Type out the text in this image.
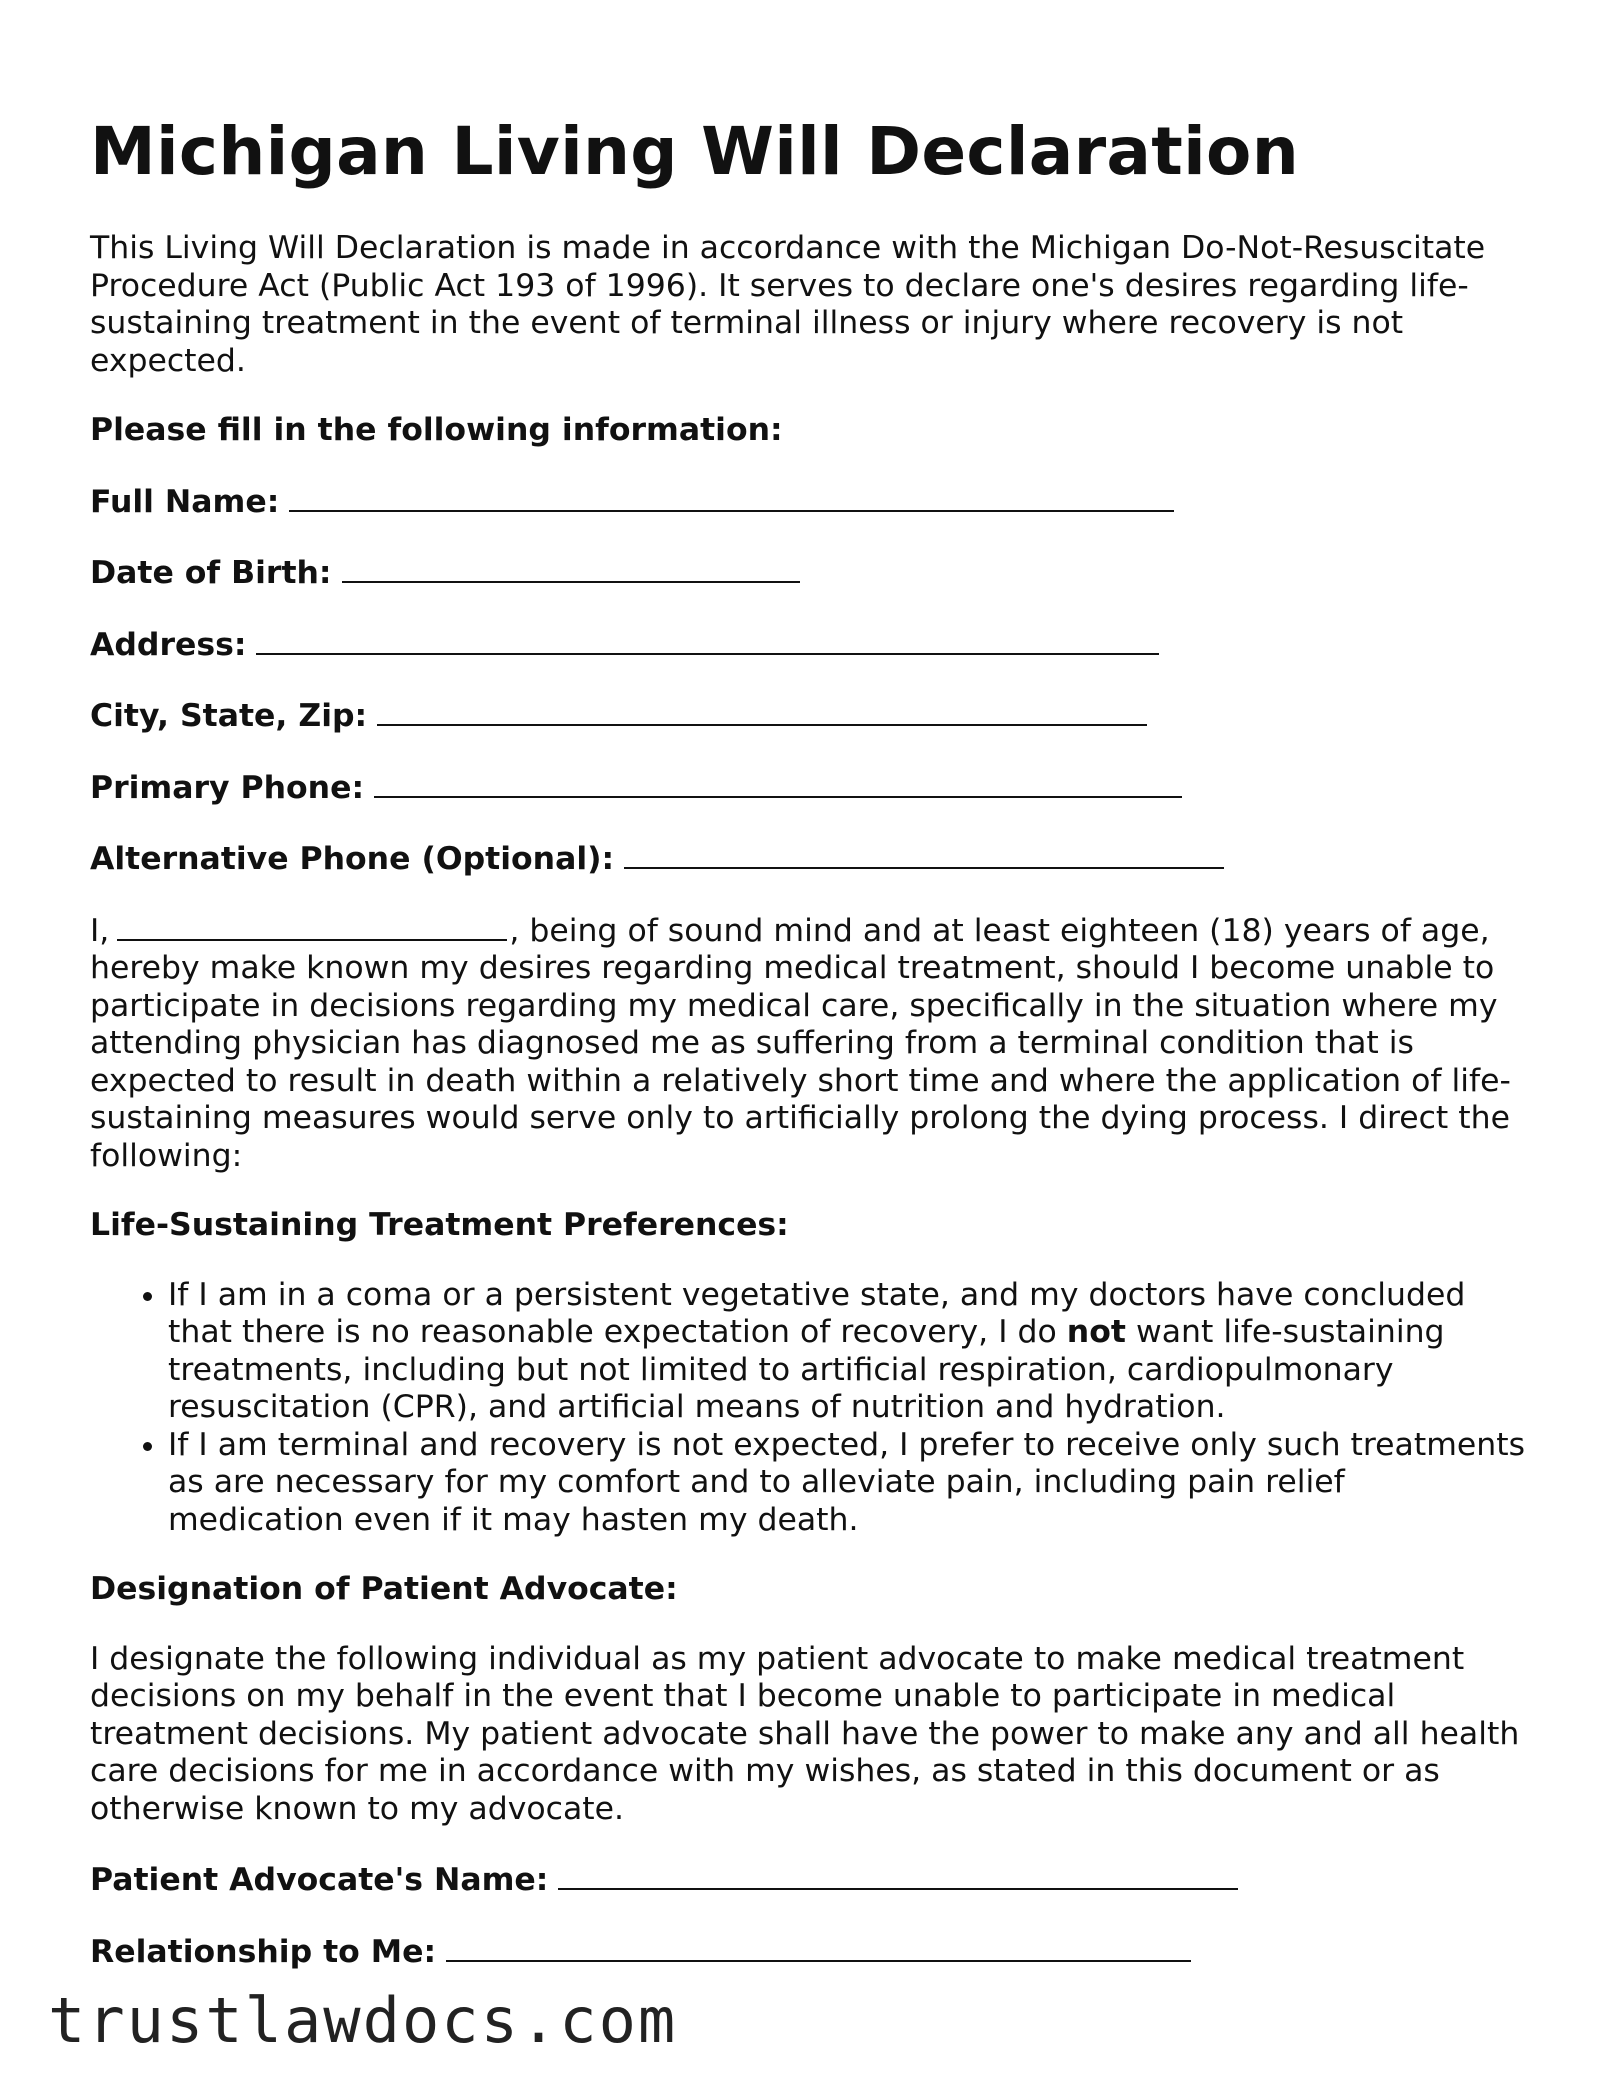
Michigan Living Will Declaration

This Living Will Declaration is made in accordance with the Michigan Do-Not-Resuscitate Procedure Act (Public Act 193 of 1996). It serves to declare one's desires regarding life-sustaining treatment in the event of terminal illness or injury where recovery is not expected.

Please fill in the following information:

Full Name:
Date of Birth:
Address:
City, State, Zip:
Primary Phone:
Alternative Phone (Optional):

I,	, being of sound mind and at least eighteen (18) years of age, hereby make known my desires regarding medical treatment, should I become unable to participate in decisions regarding my medical care, specifically in the situation where my attending physician has diagnosed me as suffering from a terminal condition that is expected to result in death within a relatively short time and where the application of life-sustaining measures would serve only to artificially prolong the dying process. I direct the following:

Life-Sustaining Treatment Preferences:

• If I am in a coma or a persistent vegetative state, and my doctors have concluded that there is no reasonable expectation of recovery, I do not want life-sustaining treatments, including but not limited to artificial respiration, cardiopulmonary resuscitation (CPR), and artificial means of nutrition and hydration.
• If I am terminal and recovery is not expected, I prefer to receive only such treatments as are necessary for my comfort and to alleviate pain, including pain relief medication even if it may hasten my death.

Designation of Patient Advocate:

I designate the following individual as my patient advocate to make medical treatment decisions on my behalf in the event that I become unable to participate in medical treatment decisions. My patient advocate shall have the power to make any and all health care decisions for me in accordance with my wishes, as stated in this document or as otherwise known to my advocate.

Patient Advocate's Name:
Relationship to Me:
trustlawdocs.com
